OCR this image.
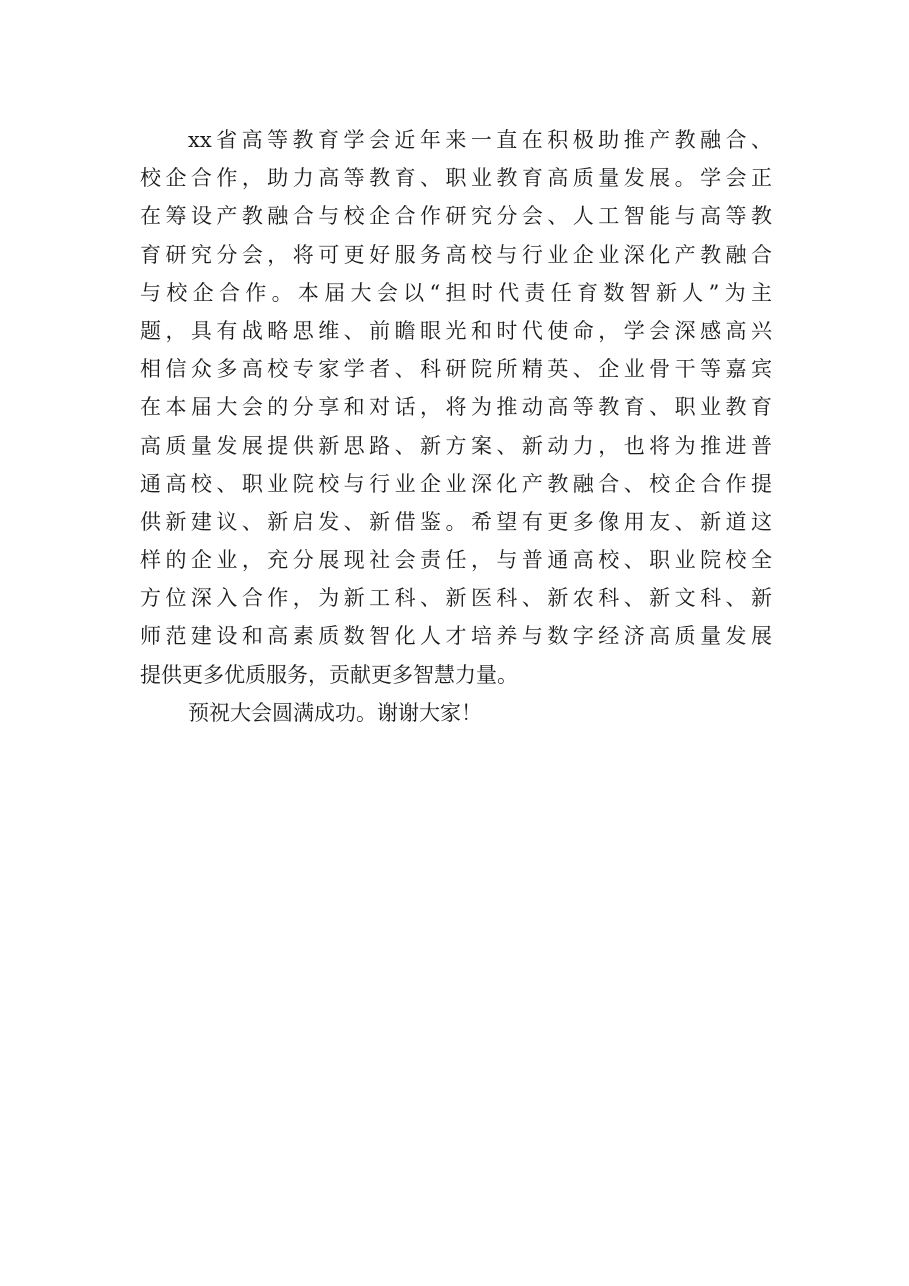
xx省高等教育学会近年来一直在积极助推产教融合、
校企合作，助力高等教育、职业教育高质量发展。学会正
在筹设产教融合与校企合作研究分会、人工智能与高等教
育研究分会，将可更好服务高校与行业企业深化产教融合
与校企合作。本届大会以“担时代责任育数智新人”为主
题，具有战略思维、前瞻眼光和时代使命，学会深感高兴
相信众多高校专家学者、科研院所精英、企业骨干等嘉宾
在本届大会的分享和对话，将为推动高等教育、职业教育
高质量发展提供新思路、新方案、新动力，也将为推进普
通高校、职业院校与行业企业深化产教融合、校企合作提
供新建议、新启发、新借鉴。希望有更多像用友、新道这
样的企业，充分展现社会责任，与普通高校、职业院校全
方位深入合作，为新工科、新医科、新农科、新文科、新
师范建设和高素质数智化人才培养与数字经济高质量发展
提供更多优质服务，贡献更多智慧力量。
预祝大会圆满成功。谢谢大家！
